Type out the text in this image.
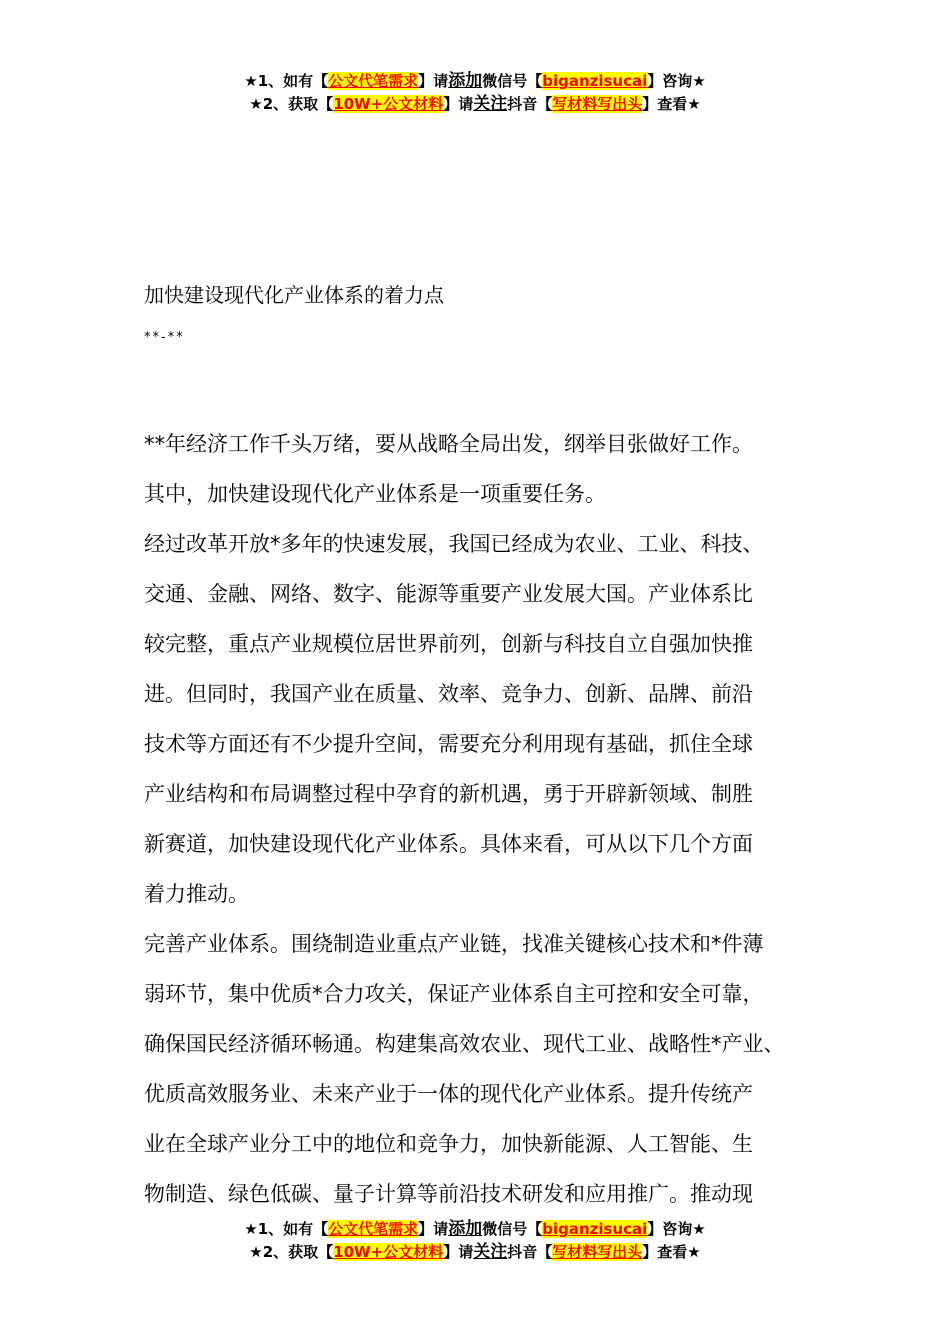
★1、如有【公文代笔需求】请添加微信号【biganzisucai】咨询★
★2、获取【10W+公文材料】请关注抖音【写材料写出头】查看★
加快建设现代化产业体系的着力点
**-**
**年经济工作千头万绪，要从战略全局出发，纲举目张做好工作。
其中，加快建设现代化产业体系是一项重要任务。
经过改革开放*多年的快速发展，我国已经成为农业、工业、科技、
交通、金融、网络、数字、能源等重要产业发展大国。产业体系比
较完整，重点产业规模位居世界前列，创新与科技自立自强加快推
进。但同时，我国产业在质量、效率、竞争力、创新、品牌、前沿
技术等方面还有不少提升空间，需要充分利用现有基础，抓住全球
产业结构和布局调整过程中孕育的新机遇，勇于开辟新领域、制胜
新赛道，加快建设现代化产业体系。具体来看，可从以下几个方面
着力推动。
完善产业体系。围绕制造业重点产业链，找准关键核心技术和*件薄
弱环节，集中优质*合力攻关，保证产业体系自主可控和安全可靠，
确保国民经济循环畅通。构建集高效农业、现代工业、战略性*产业、
优质高效服务业、未来产业于一体的现代化产业体系。提升传统产
业在全球产业分工中的地位和竞争力，加快新能源、人工智能、生
物制造、绿色低碳、量子计算等前沿技术研发和应用推广。推动现
★1、如有【公文代笔需求】请添加微信号【biganzisucai】咨询★
★2、获取【10W+公文材料】请关注抖音【写材料写出头】查看★
